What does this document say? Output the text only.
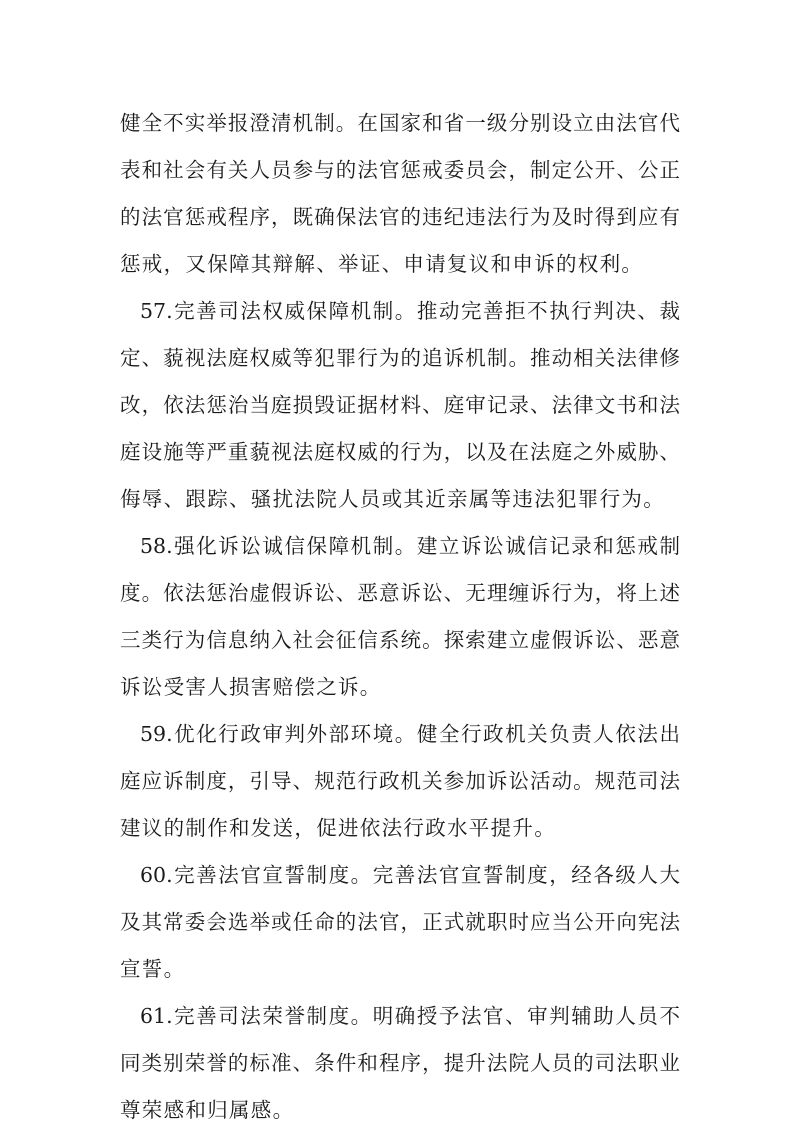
健全不实举报澄清机制。在国家和省一级分别设立由法官代
表和社会有关人员参与的法官惩戒委员会，制定公开、公正
的法官惩戒程序，既确保法官的违纪违法行为及时得到应有
惩戒，又保障其辩解、举证、申请复议和申诉的权利。
57.完善司法权威保障机制。推动完善拒不执行判决、裁
定、藐视法庭权威等犯罪行为的追诉机制。推动相关法律修
改，依法惩治当庭损毁证据材料、庭审记录、法律文书和法
庭设施等严重藐视法庭权威的行为，以及在法庭之外威胁、
侮辱、跟踪、骚扰法院人员或其近亲属等违法犯罪行为。
58.强化诉讼诚信保障机制。建立诉讼诚信记录和惩戒制
度。依法惩治虚假诉讼、恶意诉讼、无理缠诉行为，将上述
三类行为信息纳入社会征信系统。探索建立虚假诉讼、恶意
诉讼受害人损害赔偿之诉。
59.优化行政审判外部环境。健全行政机关负责人依法出
庭应诉制度，引导、规范行政机关参加诉讼活动。规范司法
建议的制作和发送，促进依法行政水平提升。
60.完善法官宣誓制度。完善法官宣誓制度，经各级人大
及其常委会选举或任命的法官，正式就职时应当公开向宪法
宣誓。
61.完善司法荣誉制度。明确授予法官、审判辅助人员不
同类别荣誉的标准、条件和程序，提升法院人员的司法职业
尊荣感和归属感。
